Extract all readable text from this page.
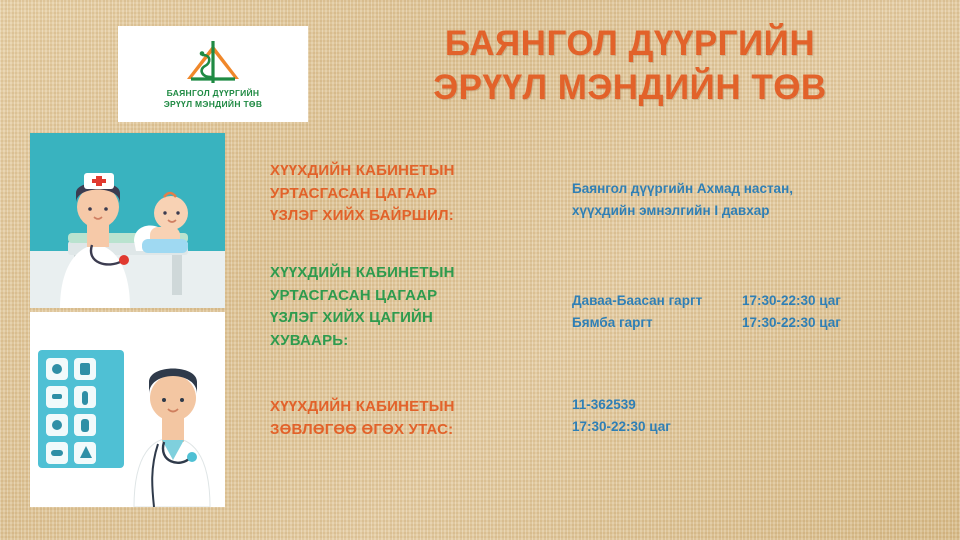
БАЯНГОЛ ДҮҮРГИЙН
ЭРҮҮЛ МЭНДИЙН ТӨВ
БАЯНГОЛ ДҮҮРГИЙН
ЭРҮҮЛ МЭНДИЙН ТӨВ
ХҮҮХДИЙН КАБИНЕТЫН
УРТАСГАСАН ЦАГААР
ҮЗЛЭГ ХИЙХ БАЙРШИЛ:
Баянгол дүүргийн Ахмад настан,
хүүхдийн эмнэлгийн I давхар
ХҮҮХДИЙН КАБИНЕТЫН
УРТАСГАСАН ЦАГААР
ҮЗЛЭГ ХИЙХ ЦАГИЙН
ХУВААРЬ:
Даваа-Баасан гаргт	17:30-22:30 цаг
Бямба гаргт	17:30-22:30 цаг
ХҮҮХДИЙН КАБИНЕТЫН
ЗӨВЛӨГӨӨ ӨГӨХ УТАС:
11-362539
17:30-22:30 цаг
